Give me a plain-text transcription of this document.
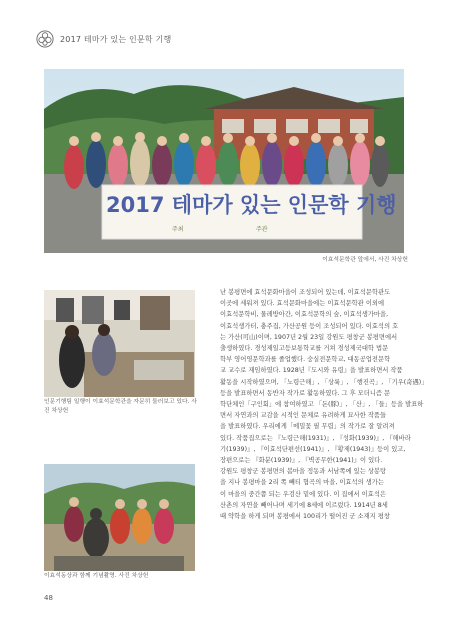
2017 테마가 있는 인문학 기행
2017 테마가 있는 인문학 기행
주최	주관
이효석문학관 앞에서, 사진 차상헌
인문기행팀 일행이 이효석문학관을 자문히 둘러보고 있다. 사진 차상헌
이효석동상과 함께 기념촬영. 사진 차상헌

난 봉평면에 효석문화마을이 조성되어 있는데, 이효석문학관도

이곳에 세워져 있다. 효석문화마을에는 이효석문학관 이외에

이효석문학비, 물레방아간, 이효석문학의 숲, 이효석생가마을,

이효석생가터, 충주집, 가산공원 등이 조성되어 있다. 이효석의 호

는 가산(可山)이며, 1907년 2월 23일 강원도 평창군 봉평면에서

출생하였다. 경성제일고등보통학교를 거쳐 경성제국대학 법문

학부 영어영문학과를 졸업했다. 숭실전문학교, 대동공업전문학

교 교수로 재임하였다. 1928년『도시와 유령』을 발표하면서 작품

활동을 시작하였으며, 「노령근해」, 「상륙」, 「행진곡」, 「기우(奇遇)」

등을 발표하면서 동반자 작가로 활동하였다. 그 후 모더니즘 문

학단체인「구인회」에 참여하였고 「돈(豚)」, 「산」, 「들」등을 발표하

면서 자연과의 교감을 시적인 문체로 유려하게 묘사한 작품들

을 발표하였다. 우리에게「메밀꽃 필 무렵」의 작가로 잘 알려져

있다. 작품집으로는 『노령근해(1931)』, 『성화(1939)』, 『해바라

기(1939)』, 『이효석단편선(1941)』, 『황제(1943)』등이 있고,

장편으로는 『화분(1939)』, 『벽공무한(1941)』이 있다.

강원도 평창군 봉평면의 봄마을 정동과 서남쪽에 있는 상봉탕

을 지나 봉평마을 2리 쪽 빼티 협곡의 마을, 이효석의 생가는

이 마을의 중간쯤 되는 우검산 밑에 있다. 이 집에서 이효석은

산촌의 자연을 빼어나며 세기에 8세에 이르렀다. 1914년 8세

때 약학을 하게 되며 봉평에서 100리가 떨어진 군 소재지 평창

48
